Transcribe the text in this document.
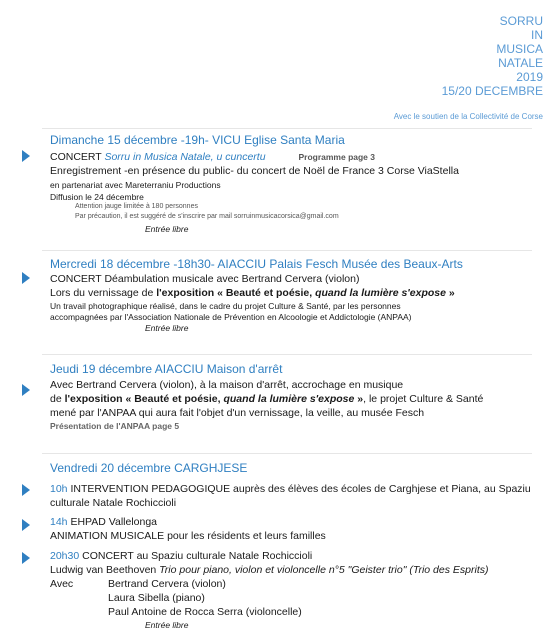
SORRU
IN
MUSICA
NATALE
2019
15/20 DECEMBRE
Avec le soutien de la Collectivité de Corse
Dimanche 15 décembre -19h- VICU Eglise Santa Maria
CONCERT Sorru in Musica Natale, u cuncertu	Programme page 3
Enregistrement -en présence du public- du concert de Noël de France 3 Corse ViaStella
en partenariat avec Mareterraniu Productions
Diffusion le 24 décembre
Attention jauge limitée à 180 personnes
Par précaution, il est suggéré de s'inscrire par mail sorruinmusicacorsica@gmail.com
Entrée libre
Mercredi 18 décembre -18h30- AIACCIU Palais Fesch Musée des Beaux-Arts
CONCERT Déambulation musicale avec Bertrand Cervera (violon)
Lors du vernissage de l'exposition « Beauté et poésie, quand la lumière s'expose »
Un travail photographique réalisé, dans le cadre du projet Culture & Santé, par les personnes
accompagnées par l'Association Nationale de Prévention en Alcoologie et Addictologie (ANPAA)
Entrée libre
Jeudi 19 décembre AIACCIU Maison d'arrêt
Avec Bertrand Cervera (violon), à la maison d'arrêt, accrochage en musique
de l'exposition « Beauté et poésie, quand la lumière s'expose », le projet Culture & Santé
mené par l'ANPAA qui aura fait l'objet d'un vernissage, la veille, au musée Fesch
Présentation de l'ANPAA page 5
Vendredi 20 décembre CARGHJESE
10h INTERVENTION PEDAGOGIQUE auprès des élèves des écoles de Carghjese et Piana, au Spaziu
culturale Natale Rochiccioli
14h EHPAD Vallelonga
ANIMATION MUSICALE pour les résidents et leurs familles
20h30 CONCERT au Spaziu culturale Natale Rochiccioli
Ludwig van Beethoven Trio pour piano, violon et violoncelle n°5 "Geister trio" (Trio des Esprits)
Avec	Bertrand Cervera (violon)
Laura Sibella (piano)
Paul Antoine de Rocca Serra (violoncelle)
Entrée libre
